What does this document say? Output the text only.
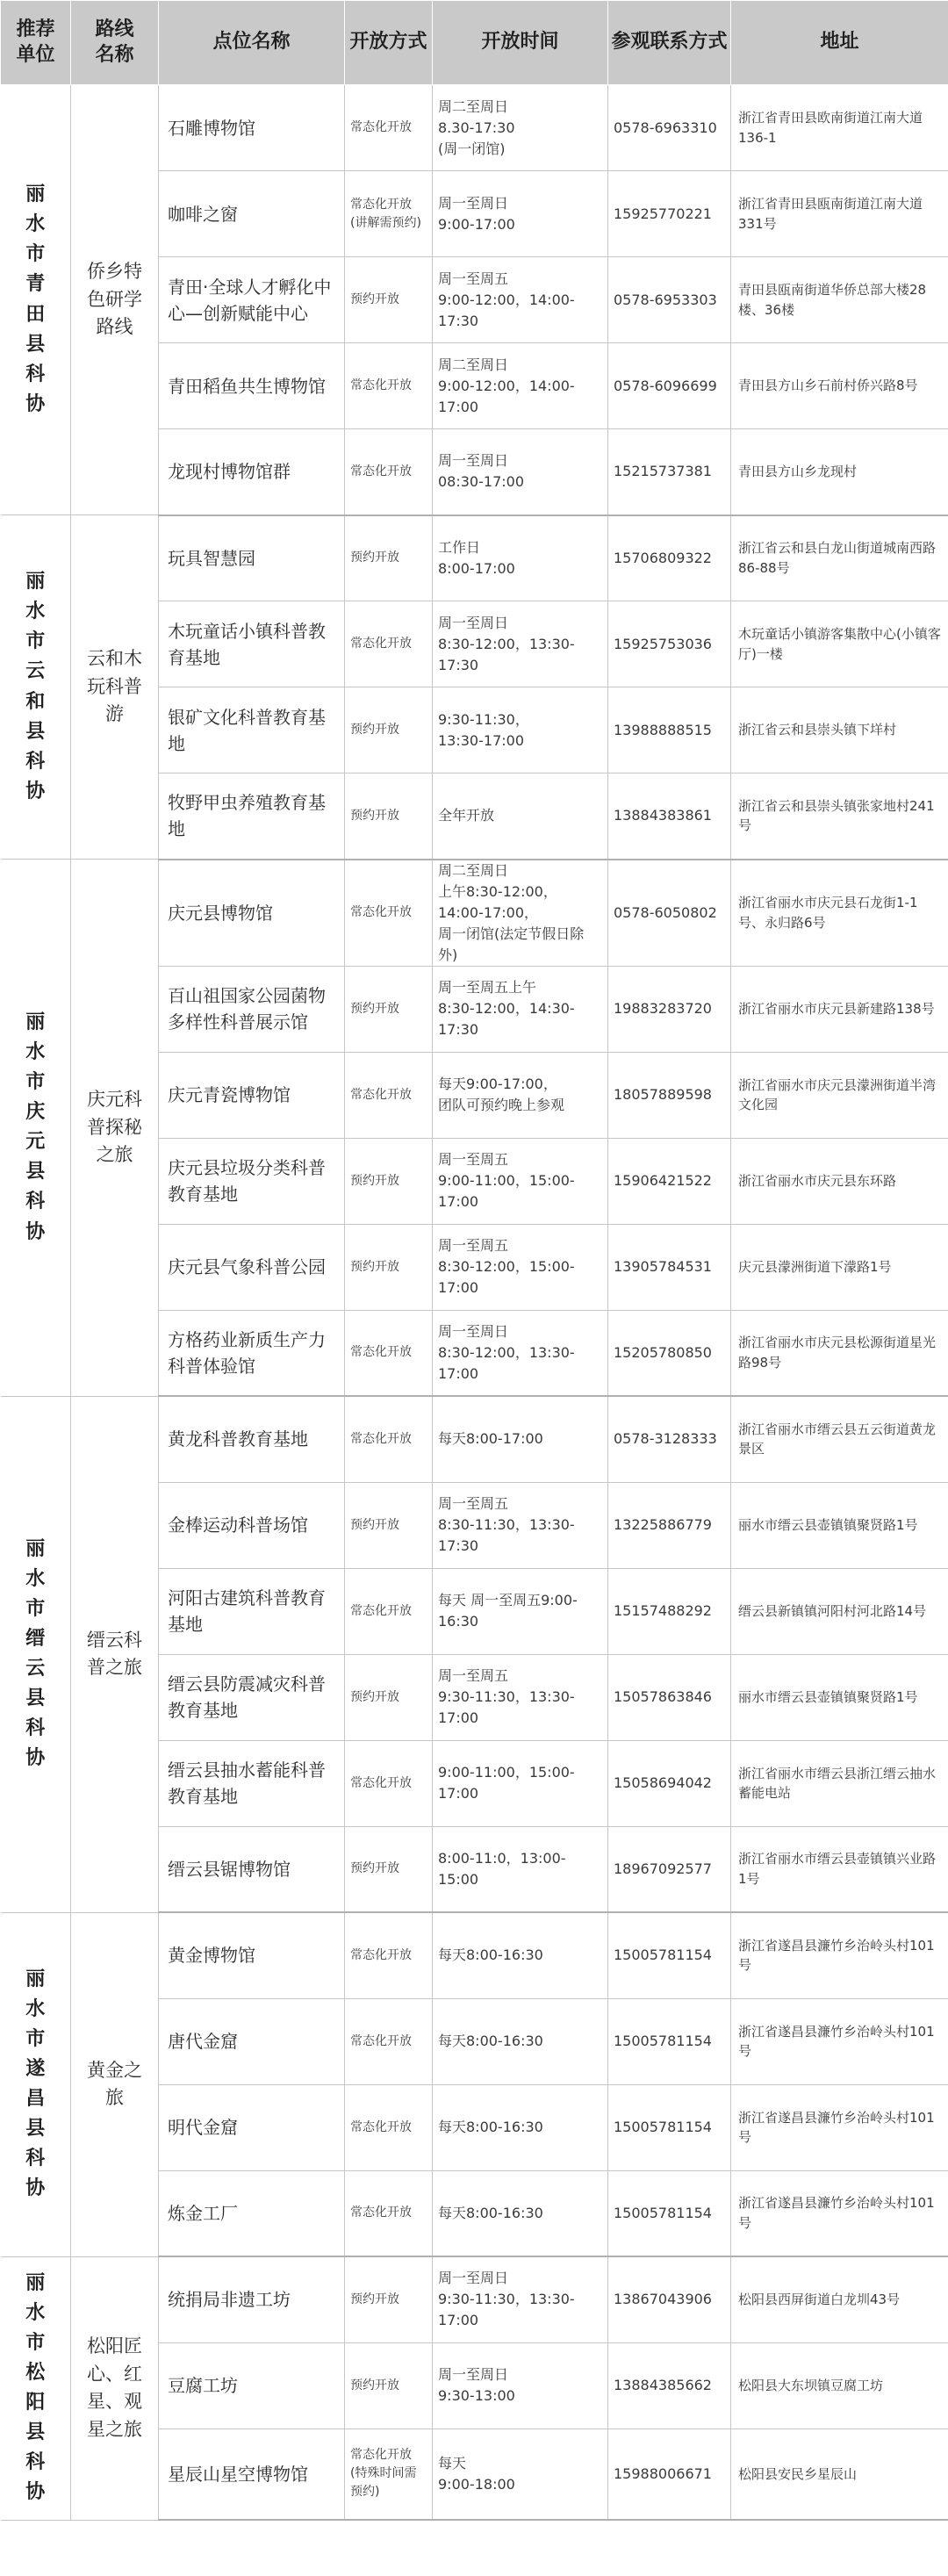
推荐
单位	路线
名称	点位名称	开放方式	开放时间	参观联系方式	地址
丽水市青田县科协	侨乡特色研学路线	石雕博物馆	常态化开放	周二至周日
8.30-17:30
(周一闭馆)	0578-6963310	浙江省青田县欧南街道江南大道136-1
		咖啡之窗	常态化开放
(讲解需预约)	周一至周日
9:00-17:00	15925770221	浙江省青田县瓯南街道江南大道331号
		青田·全球人才孵化中心—创新赋能中心	预约开放	周一至周五
9:00-12:00，14:00-17:30	0578-6953303	青田县瓯南街道华侨总部大楼28楼、36楼
		青田稻鱼共生博物馆	常态化开放	周二至周日
9:00-12:00，14:00-17:00	0578-6096699	青田县方山乡石前村侨兴路8号
		龙现村博物馆群	常态化开放	周一至周日
08:30-17:00	15215737381	青田县方山乡龙现村
丽水市云和县科协	云和木玩科普游	玩具智慧园	预约开放	工作日
8:00-17:00	15706809322	浙江省云和县白龙山街道城南西路86-88号
		木玩童话小镇科普教育基地	常态化开放	周一至周日
8:30-12:00，13:30-17:30	15925753036	木玩童话小镇游客集散中心(小镇客厅)一楼
		银矿文化科普教育基地	预约开放	9:30-11:30，
13:30-17:00	13988888515	浙江省云和县崇头镇下垟村
		牧野甲虫养殖教育基地	预约开放	全年开放	13884383861	浙江省云和县崇头镇张家地村241号
丽水市庆元县科协	庆元科普探秘之旅	庆元县博物馆	常态化开放	周二至周日
上午8:30-12:00，14:00-17:00，
周一闭馆(法定节假日除外)	0578-6050802	浙江省丽水市庆元县石龙街1-1号、永归路6号
		百山祖国家公园菌物多样性科普展示馆	预约开放	周一至周五上午
8:30-12:00，14:30-17:30	19883283720	浙江省丽水市庆元县新建路138号
		庆元青瓷博物馆	常态化开放	每天9:00-17:00，
团队可预约晚上参观	18057889598	浙江省丽水市庆元县濛洲街道半湾文化园
		庆元县垃圾分类科普教育基地	预约开放	周一至周五
9:00-11:00，15:00-17:00	15906421522	浙江省丽水市庆元县东环路
		庆元县气象科普公园	预约开放	周一至周五
8:30-12:00，15:00-17:00	13905784531	庆元县濛洲街道下濛路1号
		方格药业新质生产力科普体验馆	常态化开放	周一至周日
8:30-12:00，13:30-17:00	15205780850	浙江省丽水市庆元县松源街道星光路98号
丽水市缙云县科协	缙云科普之旅	黄龙科普教育基地	常态化开放	每天8:00-17:00	0578-3128333	浙江省丽水市缙云县五云街道黄龙景区
		金棒运动科普场馆	预约开放	周一至周五
8:30-11:30，13:30-17:30	13225886779	丽水市缙云县壶镇镇聚贤路1号
		河阳古建筑科普教育基地	常态化开放	每天 周一至周五9:00-16:30	15157488292	缙云县新镇镇河阳村河北路14号
		缙云县防震减灾科普教育基地	预约开放	周一至周五
9:30-11:30，13:30-17:00	15057863846	丽水市缙云县壶镇镇聚贤路1号
		缙云县抽水蓄能科普教育基地	常态化开放	9:00-11:00，15:00-17:00	15058694042	浙江省丽水市缙云县浙江缙云抽水蓄能电站
		缙云县锯博物馆	预约开放	8:00-11:0，13:00-15:00	18967092577	浙江省丽水市缙云县壶镇镇兴业路1号
丽水市遂昌县科协	黄金之旅	黄金博物馆	常态化开放	每天8:00-16:30	15005781154	浙江省遂昌县濂竹乡治岭头村101号
		唐代金窟	常态化开放	每天8:00-16:30	15005781154	浙江省遂昌县濂竹乡治岭头村101号
		明代金窟	常态化开放	每天8:00-16:30	15005781154	浙江省遂昌县濂竹乡治岭头村101号
		炼金工厂	常态化开放	每天8:00-16:30	15005781154	浙江省遂昌县濂竹乡治岭头村101号
丽水市松阳县科协	松阳匠心、红星、观星之旅	统捐局非遗工坊	预约开放	周一至周日
9:30-11:30，13:30-17:00	13867043906	松阳县西屏街道白龙圳43号
		豆腐工坊	预约开放	周一至周日
9:30-13:00	13884385662	松阳县大东坝镇豆腐工坊
		星辰山星空博物馆	常态化开放(特殊时间需预约)	每天
9:00-18:00	15988006671	松阳县安民乡星辰山
